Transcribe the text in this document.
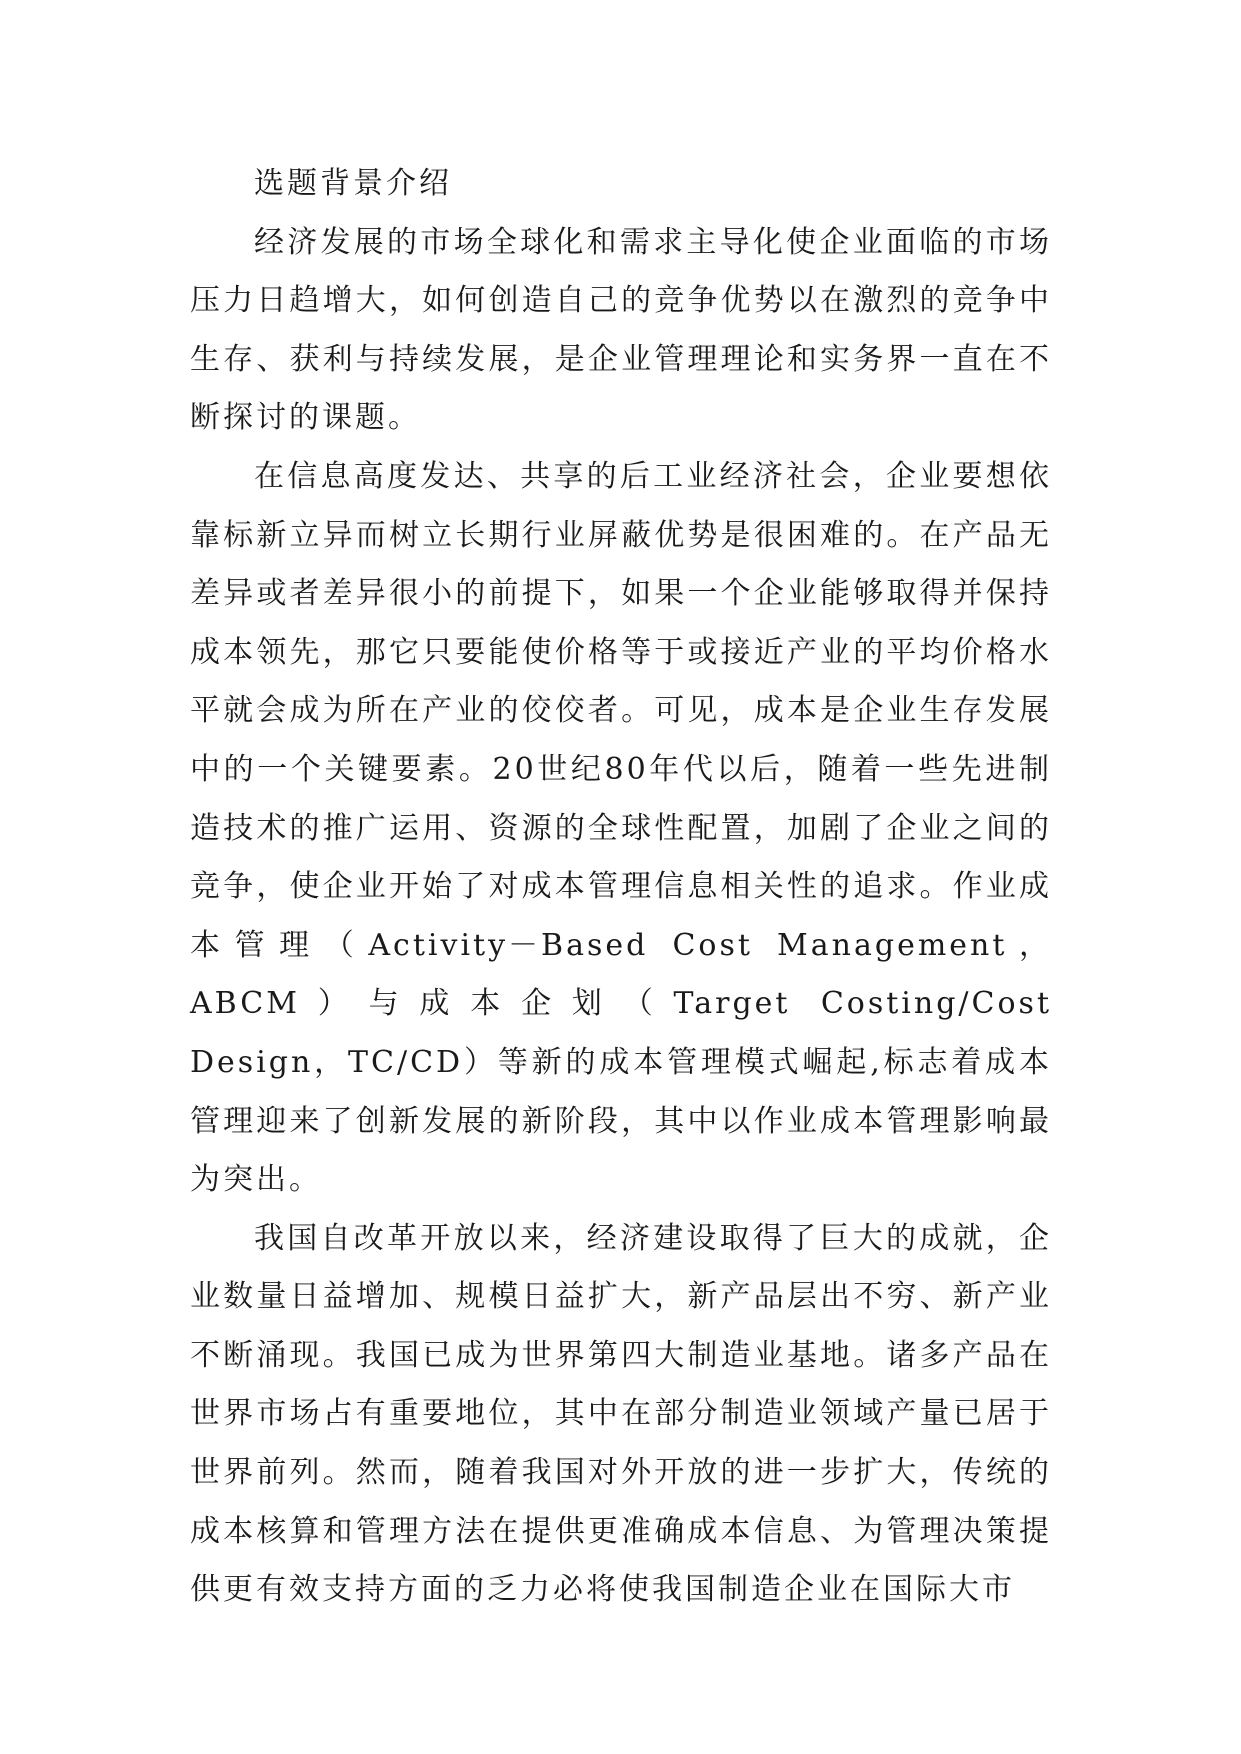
选题背景介绍

经济发展的市场全球化和需求主导化使企业面临的市场压力日趋增大，如何创造自己的竞争优势以在激烈的竞争中生存、获利与持续发展，是企业管理理论和实务界一直在不断探讨的课题。

在信息高度发达、共享的后工业经济社会，企业要想依靠标新立异而树立长期行业屏蔽优势是很困难的。在产品无差异或者差异很小的前提下，如果一个企业能够取得并保持成本领先，那它只要能使价格等于或接近产业的平均价格水平就会成为所在产业的佼佼者。可见，成本是企业生存发展中的一个关键要素。20世纪80年代以后，随着一些先进制造技术的推广运用、资源的全球性配置，加剧了企业之间的竞争，使企业开始了对成本管理信息相关性的追求。作业成本管理（Activity－Based Cost Management，ABCM）与成本企划（Target Costing/Cost Design，TC/CD）等新的成本管理模式崛起,标志着成本管理迎来了创新发展的新阶段，其中以作业成本管理影响最为突出。

我国自改革开放以来，经济建设取得了巨大的成就，企业数量日益增加、规模日益扩大，新产品层出不穷、新产业不断涌现。我国已成为世界第四大制造业基地。诸多产品在世界市场占有重要地位，其中在部分制造业领域产量已居于世界前列。然而，随着我国对外开放的进一步扩大，传统的成本核算和管理方法在提供更准确成本信息、为管理决策提供更有效支持方面的乏力必将使我国制造企业在国际大市
